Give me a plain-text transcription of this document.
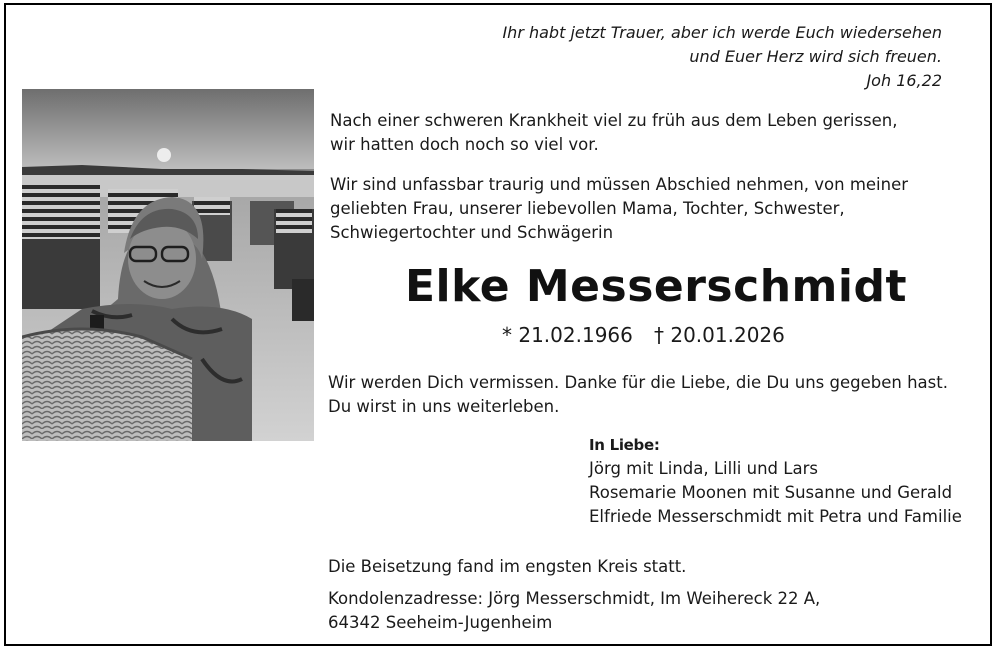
Ihr habt jetzt Trauer, aber ich werde Euch wiedersehen
und Euer Herz wird sich freuen.
Joh 16,22
Nach einer schweren Krankheit viel zu früh aus dem Leben gerissen,
wir hatten doch noch so viel vor.
Wir sind unfassbar traurig und müssen Abschied nehmen, von meiner
geliebten Frau, unserer liebevollen Mama, Tochter, Schwester,
Schwiegertochter und Schwägerin
Elke Messerschmidt
* 21.02.1966 † 20.01.2026
Wir werden Dich vermissen. Danke für die Liebe, die Du uns gegeben hast.
Du wirst in uns weiterleben.
In Liebe:
Jörg mit Linda, Lilli und Lars
Rosemarie Moonen mit Susanne und Gerald
Elfriede Messerschmidt mit Petra und Familie
Die Beisetzung fand im engsten Kreis statt.
Kondolenzadresse: Jörg Messerschmidt, Im Weihereck 22 A,
64342 Seeheim-Jugenheim
